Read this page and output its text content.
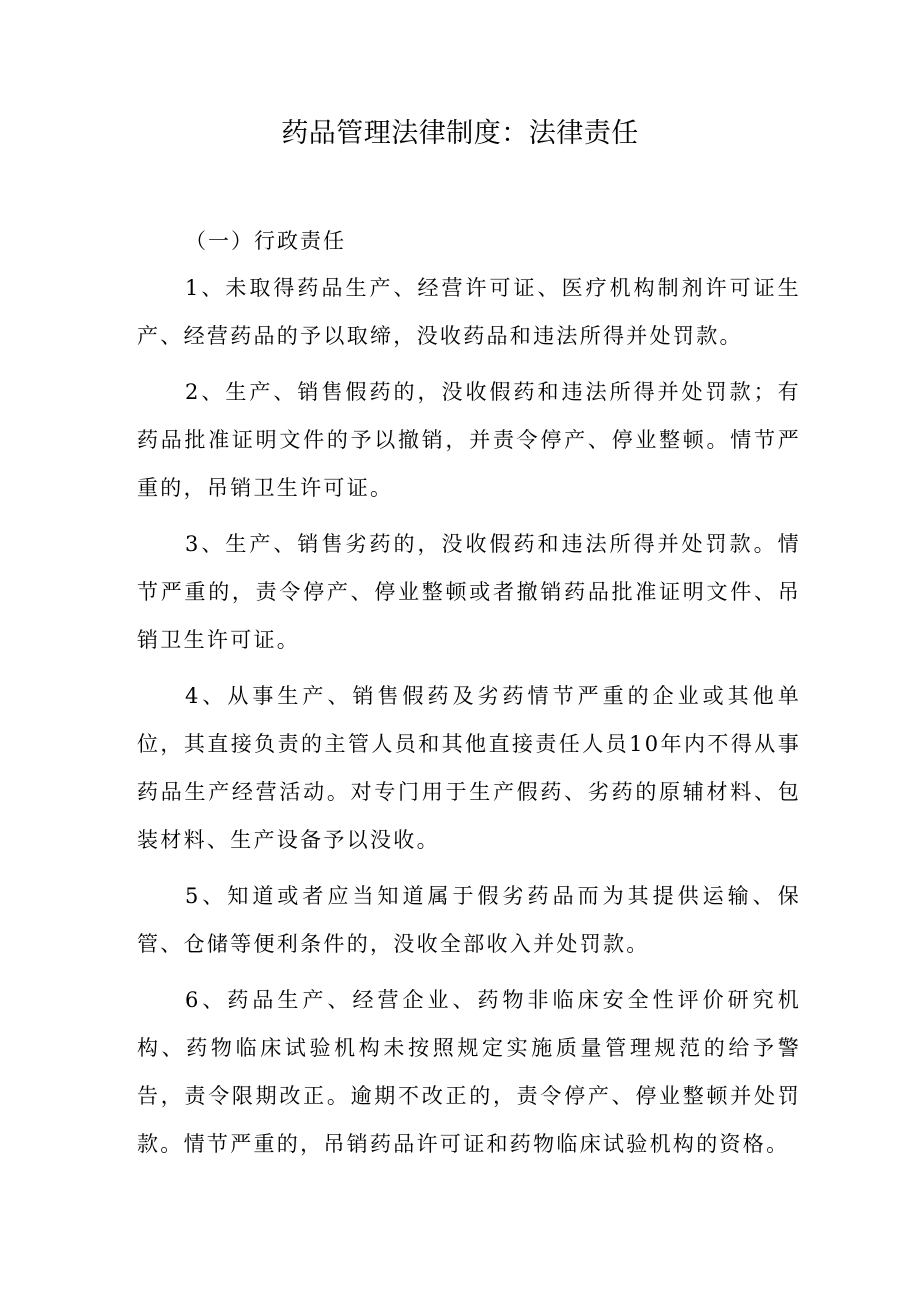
药品管理法律制度：法律责任

（一）行政责任

1、未取得药品生产、经营许可证、医疗机构制剂许可证生产、经营药品的予以取缔，没收药品和违法所得并处罚款。

2、生产、销售假药的，没收假药和违法所得并处罚款；有药品批准证明文件的予以撤销，并责令停产、停业整顿。情节严重的，吊销卫生许可证。

3、生产、销售劣药的，没收假药和违法所得并处罚款。情节严重的，责令停产、停业整顿或者撤销药品批准证明文件、吊销卫生许可证。

4、从事生产、销售假药及劣药情节严重的企业或其他单位，其直接负责的主管人员和其他直接责任人员10年内不得从事药品生产经营活动。对专门用于生产假药、劣药的原辅材料、包装材料、生产设备予以没收。

5、知道或者应当知道属于假劣药品而为其提供运输、保管、仓储等便利条件的，没收全部收入并处罚款。

6、药品生产、经营企业、药物非临床安全性评价研究机构、药物临床试验机构未按照规定实施质量管理规范的给予警告，责令限期改正。逾期不改正的，责令停产、停业整顿并处罚款。情节严重的，吊销药品许可证和药物临床试验机构的资格。
